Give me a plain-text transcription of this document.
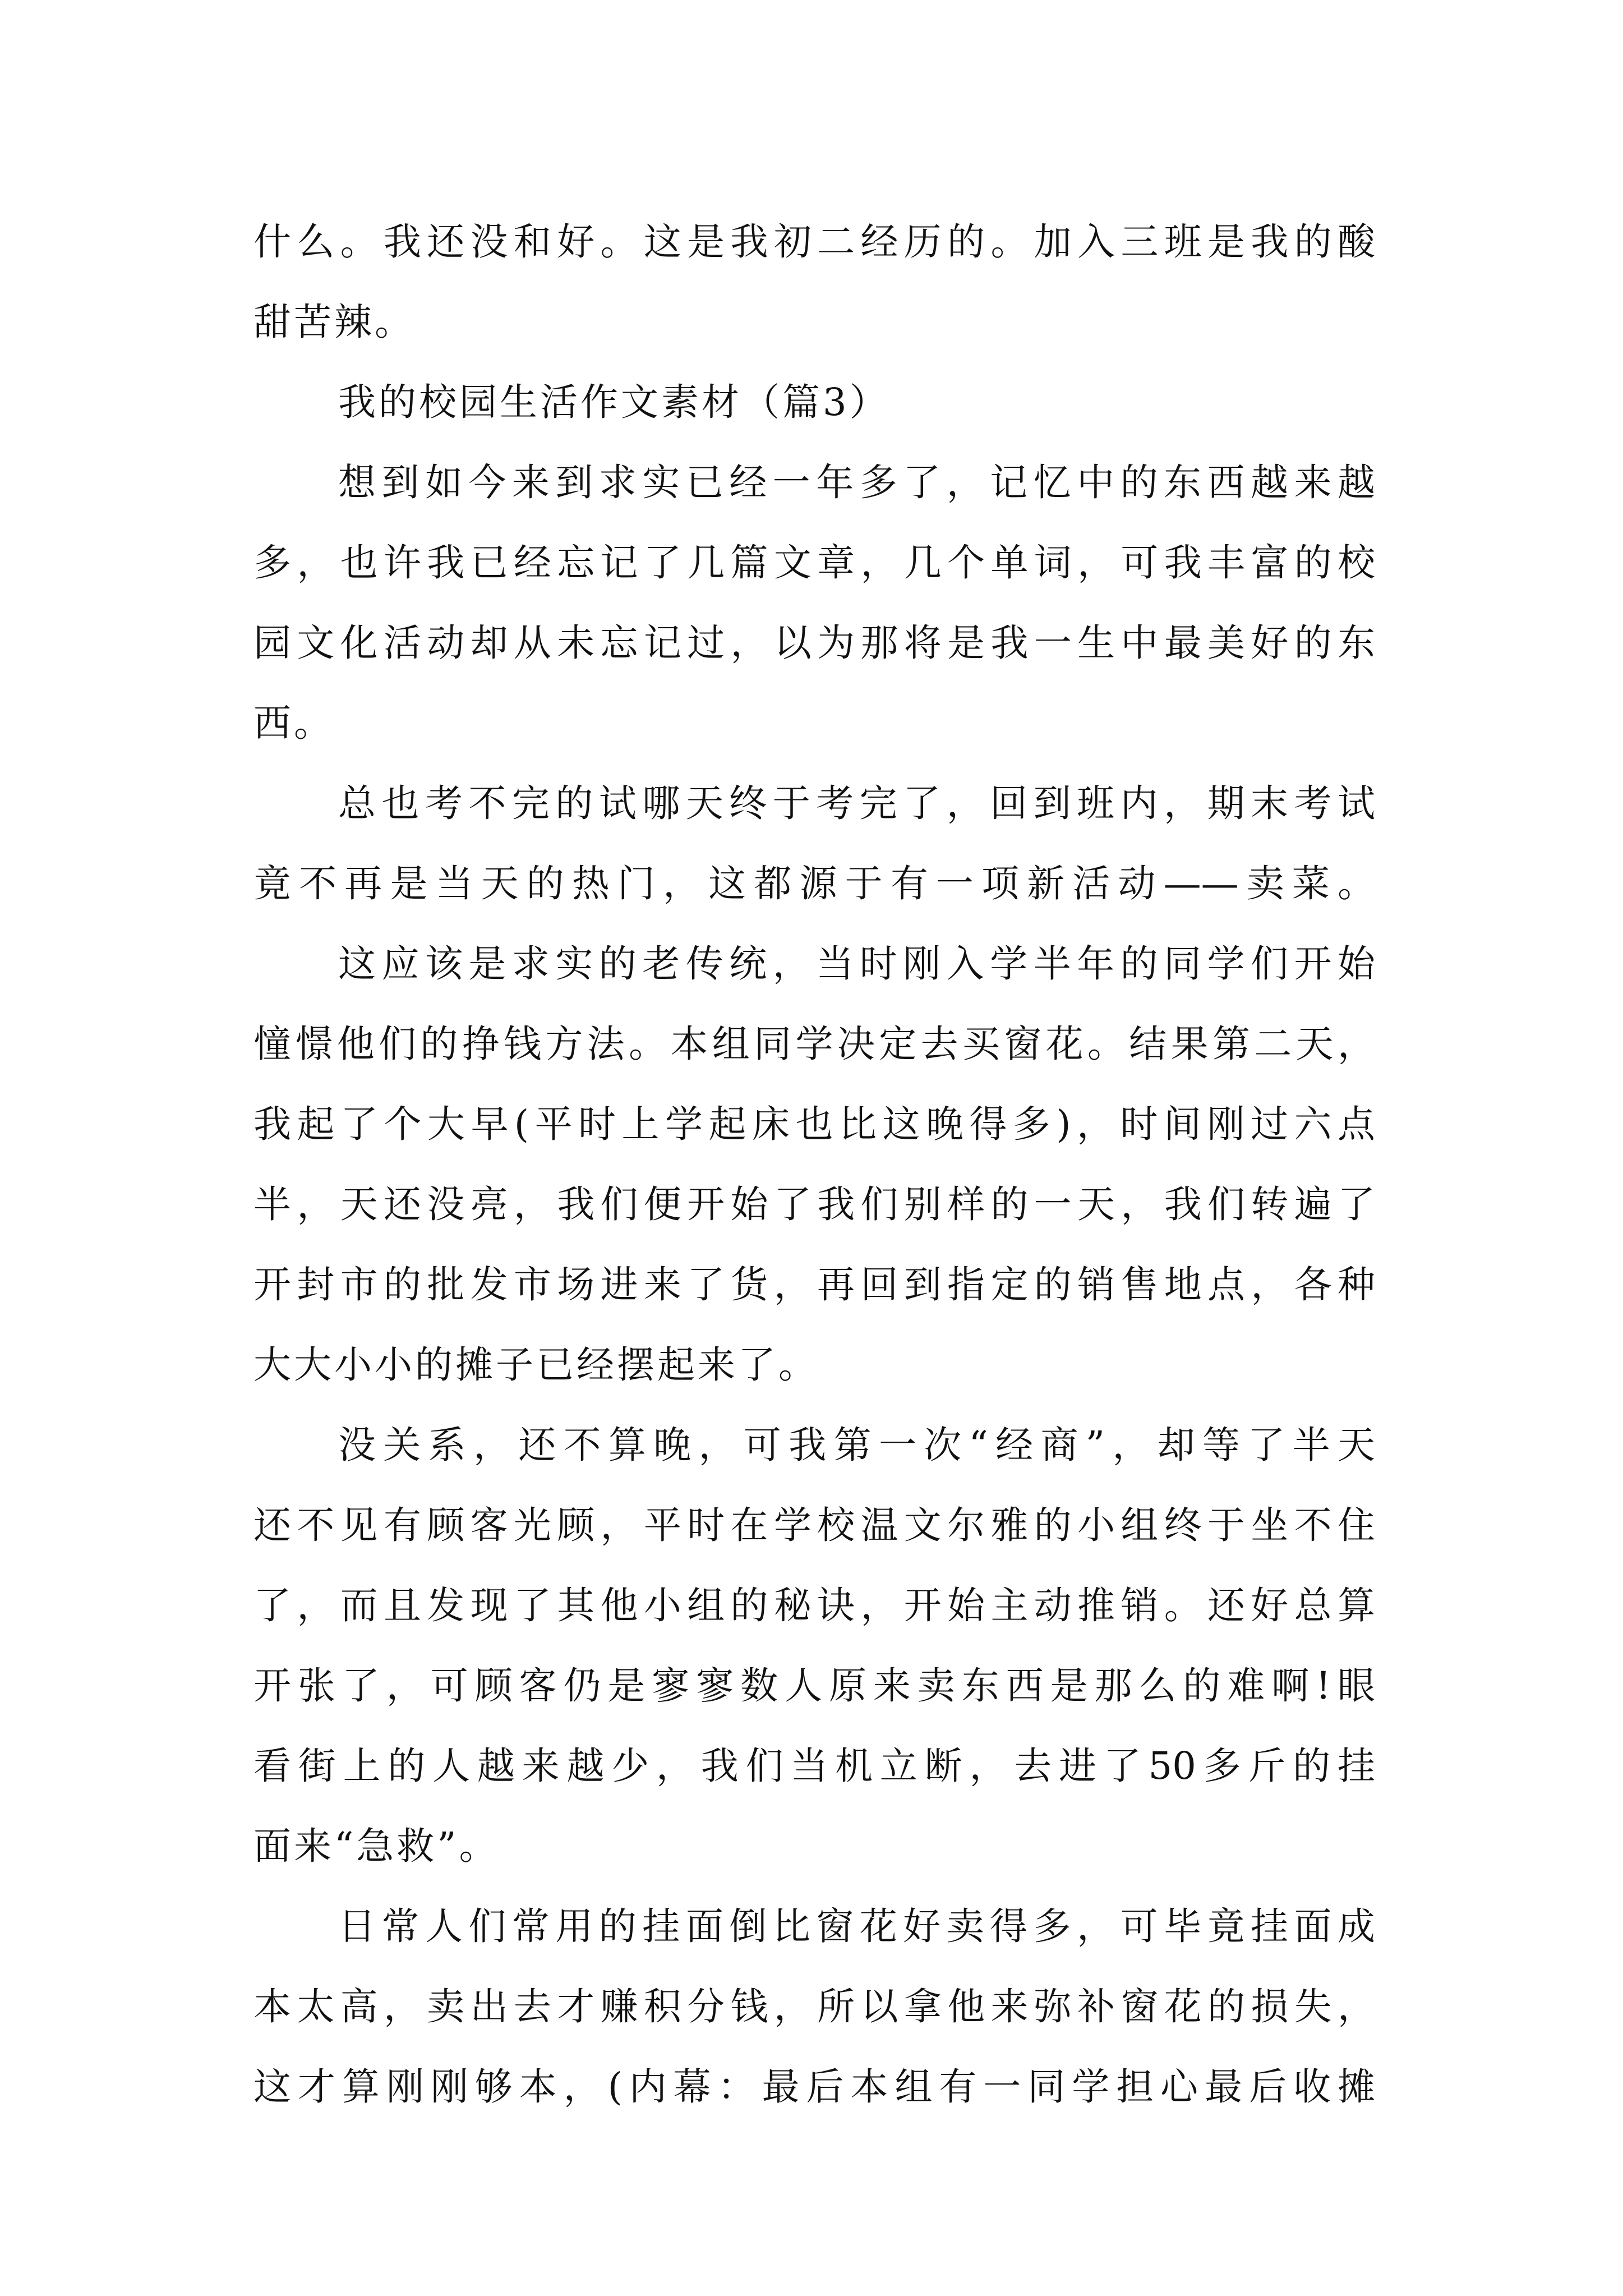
什么。我还没和好。这是我初二经历的。加入三班是我的酸
甜苦辣。
我的校园生活作文素材（篇3）
想到如今来到求实已经一年多了，记忆中的东西越来越
多，也许我已经忘记了几篇文章，几个单词，可我丰富的校
园文化活动却从未忘记过，以为那将是我一生中最美好的东
西。
总也考不完的试哪天终于考完了，回到班内，期末考试
竟不再是当天的热门，这都源于有一项新活动——卖菜。
这应该是求实的老传统，当时刚入学半年的同学们开始
憧憬他们的挣钱方法。本组同学决定去买窗花。结果第二天，
我起了个大早(平时上学起床也比这晚得多)，时间刚过六点
半，天还没亮，我们便开始了我们别样的一天，我们转遍了
开封市的批发市场进来了货，再回到指定的销售地点，各种
大大小小的摊子已经摆起来了。
没关系，还不算晚，可我第一次“经商”，却等了半天
还不见有顾客光顾，平时在学校温文尔雅的小组终于坐不住
了，而且发现了其他小组的秘诀，开始主动推销。还好总算
开张了，可顾客仍是寥寥数人原来卖东西是那么的难啊!眼
看街上的人越来越少，我们当机立断，去进了50多斤的挂
面来“急救”。
日常人们常用的挂面倒比窗花好卖得多，可毕竟挂面成
本太高，卖出去才赚积分钱，所以拿他来弥补窗花的损失，
这才算刚刚够本，(内幕：最后本组有一同学担心最后收摊
